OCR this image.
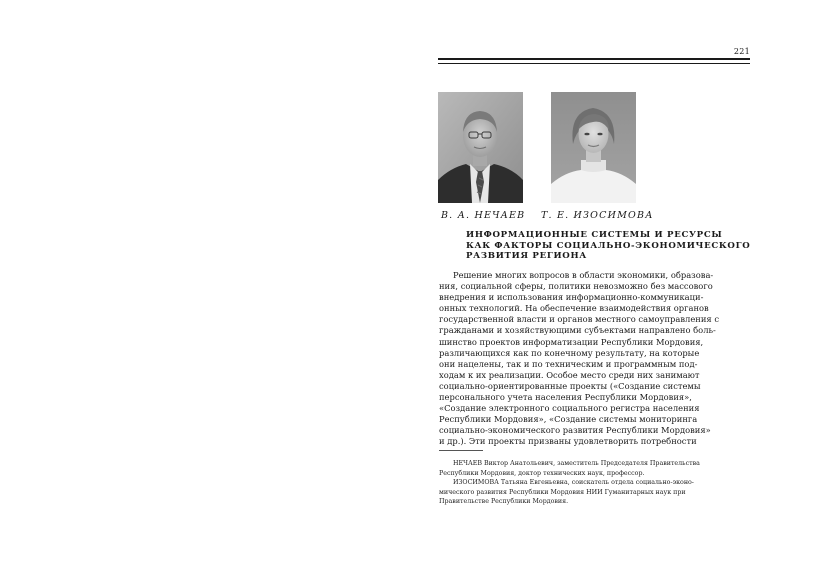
221
В. А. НЕЧАЕВ Т. Е. ИЗОСИМОВА
ИНФОРМАЦИОННЫЕ СИСТЕМЫ И РЕСУРСЫ
КАК ФАКТОРЫ СОЦИАЛЬНО-ЭКОНОМИЧЕСКОГО
РАЗВИТИЯ РЕГИОНА
Решение многих вопросов в области экономики, образова-
ния, социальной сферы, политики невозможно без массового
внедрения и использования информационно-коммуникаци-
онных технологий. На обеспечение взаимодействия органов
государственной власти и органов местного самоуправления с
гражданами и хозяйствующими субъектами направлено боль-
шинство проектов информатизации Республики Мордовия,
различающихся как по конечному результату, на которые
они нацелены, так и по техническим и программным под-
ходам к их реализации. Особое место среди них занимают
социально-ориентированные проекты («Создание системы
персонального учета населения Республики Мордовия»,
«Создание электронного социального регистра населения
Республики Мордовия», «Создание системы мониторинга
социально-экономического развития Республики Мордовия»
и др.). Эти проекты призваны удовлетворить потребности
НЕЧАЕВ Виктор Анатольевич, заместитель Председателя Правительства
Республики Мордовия, доктор технических наук, профессор.
ИЗОСИМОВА Татьяна Евгеньевна, соискатель отдела социально-эконо-
мического развития Республики Мордовия НИИ Гуманитарных наук при
Правительстве Республики Мордовия.
